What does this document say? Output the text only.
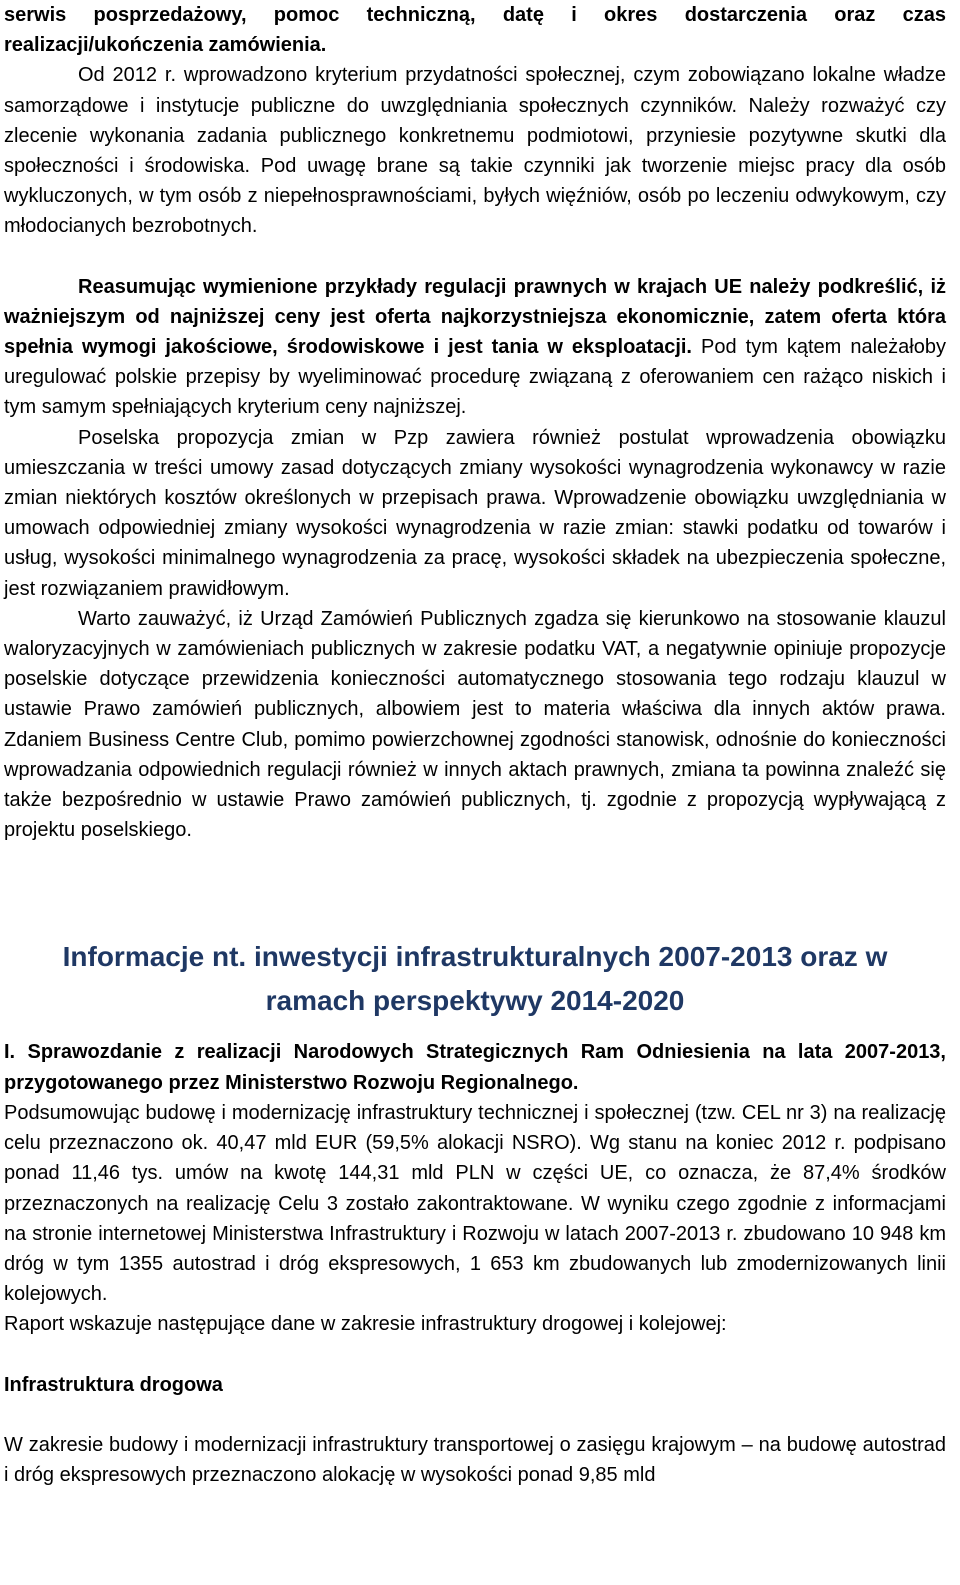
serwis posprzedażowy, pomoc techniczną, datę i okres dostarczenia oraz czas realizacji/ukończenia zamówienia.

Od 2012 r. wprowadzono kryterium przydatności społecznej, czym zobowiązano lokalne władze samorządowe i instytucje publiczne do uwzględniania społecznych czynników. Należy rozważyć czy zlecenie wykonania zadania publicznego konkretnemu podmiotowi, przyniesie pozytywne skutki dla społeczności i środowiska. Pod uwagę brane są takie czynniki jak tworzenie miejsc pracy dla osób wykluczonych, w tym osób z niepełnosprawnościami, byłych więźniów, osób po leczeniu odwykowym, czy młodocianych bezrobotnych.

Reasumując wymienione przykłady regulacji prawnych w krajach UE należy podkreślić, iż ważniejszym od najniższej ceny jest oferta najkorzystniejsza ekonomicznie, zatem oferta która spełnia wymogi jakościowe, środowiskowe i jest tania w eksploatacji. Pod tym kątem należałoby uregulować polskie przepisy by wyeliminować procedurę związaną z oferowaniem cen rażąco niskich i tym samym spełniających kryterium ceny najniższej.

Poselska propozycja zmian w Pzp zawiera również postulat wprowadzenia obowiązku umieszczania w treści umowy zasad dotyczących zmiany wysokości wynagrodzenia wykonawcy w razie zmian niektórych kosztów określonych w przepisach prawa. Wprowadzenie obowiązku uwzględniania w umowach odpowiedniej zmiany wysokości wynagrodzenia w razie zmian: stawki podatku od towarów i usług, wysokości minimalnego wynagrodzenia za pracę, wysokości składek na ubezpieczenia społeczne, jest rozwiązaniem prawidłowym.

Warto zauważyć, iż Urząd Zamówień Publicznych zgadza się kierunkowo na stosowanie klauzul waloryzacyjnych w zamówieniach publicznych w zakresie podatku VAT, a negatywnie opiniuje propozycje poselskie dotyczące przewidzenia konieczności automatycznego stosowania tego rodzaju klauzul w ustawie Prawo zamówień publicznych, albowiem jest to materia właściwa dla innych aktów prawa. Zdaniem Business Centre Club, pomimo powierzchownej zgodności stanowisk, odnośnie do konieczności wprowadzania odpowiednich regulacji również w innych aktach prawnych, zmiana ta powinna znaleźć się także bezpośrednio w ustawie Prawo zamówień publicznych, tj. zgodnie z propozycją wypływającą z projektu poselskiego.

Informacje nt. inwestycji infrastrukturalnych 2007-2013 oraz w
ramach perspektywy 2014-2020

I. Sprawozdanie z realizacji Narodowych Strategicznych Ram Odniesienia na lata 2007-2013, przygotowanego przez Ministerstwo Rozwoju Regionalnego.

Podsumowując budowę i modernizację infrastruktury technicznej i społecznej (tzw. CEL nr 3) na realizację celu przeznaczono ok. 40,47 mld EUR (59,5% alokacji NSRO). Wg stanu na koniec 2012 r. podpisano ponad 11,46 tys. umów na kwotę 144,31 mld PLN w części UE, co oznacza, że 87,4% środków przeznaczonych na realizację Celu 3 zostało zakontraktowane. W wyniku czego zgodnie z informacjami na stronie internetowej Ministerstwa Infrastruktury i Rozwoju w latach 2007-2013 r. zbudowano 10 948 km dróg w tym 1355 autostrad i dróg ekspresowych, 1 653 km zbudowanych lub zmodernizowanych linii kolejowych.

Raport wskazuje następujące dane w zakresie infrastruktury drogowej i kolejowej:

Infrastruktura drogowa

W zakresie budowy i modernizacji infrastruktury transportowej o zasięgu krajowym – na budowę autostrad i dróg ekspresowych przeznaczono alokację w wysokości ponad 9,85 mld
